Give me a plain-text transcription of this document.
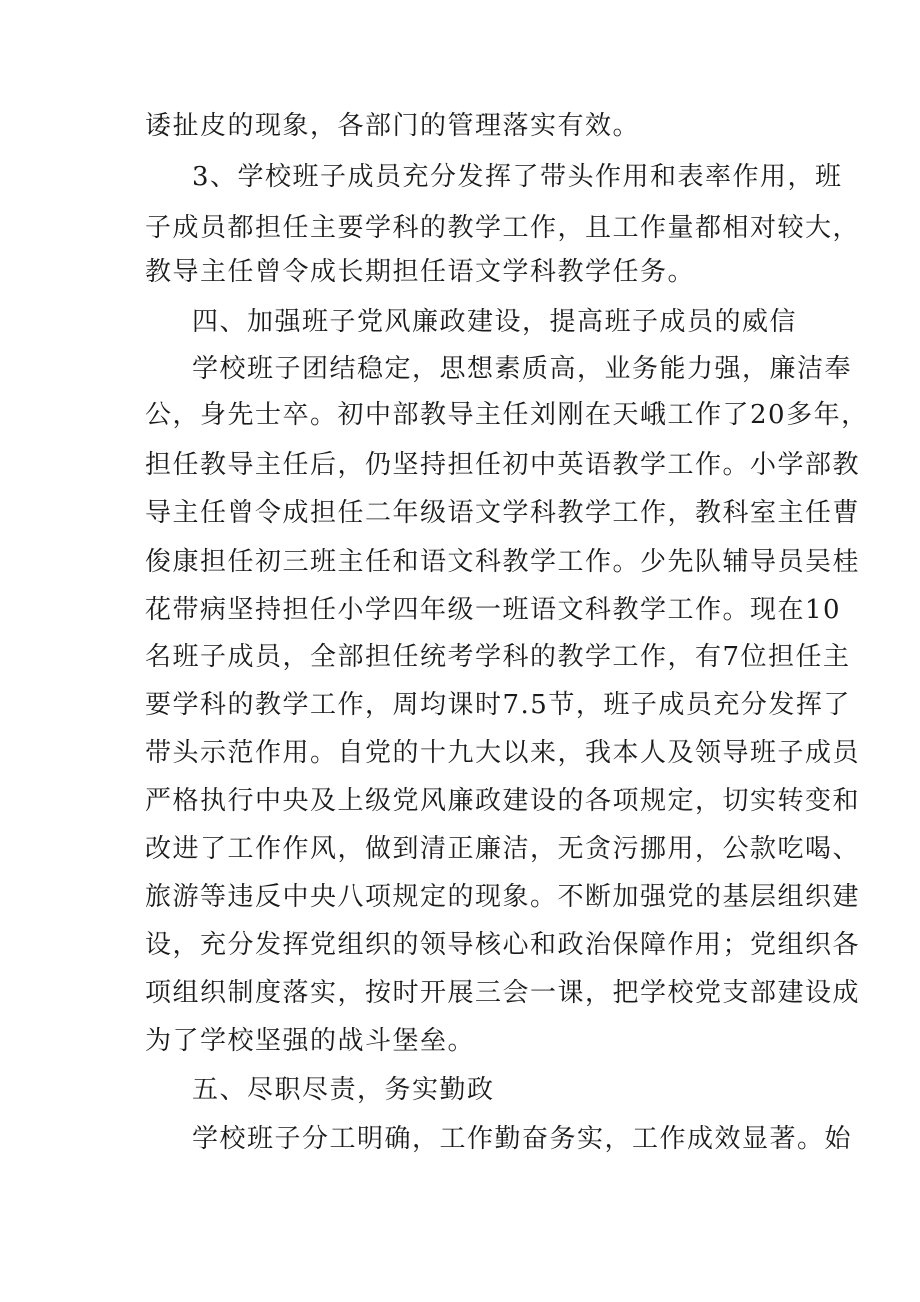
诿扯皮的现象，各部门的管理落实有效。
3、学校班子成员充分发挥了带头作用和表率作用，班
子成员都担任主要学科的教学工作，且工作量都相对较大，
教导主任曾令成长期担任语文学科教学任务。
四、加强班子党风廉政建设，提高班子成员的威信
学校班子团结稳定，思想素质高，业务能力强，廉洁奉
公，身先士卒。初中部教导主任刘刚在天峨工作了20多年，
担任教导主任后，仍坚持担任初中英语教学工作。小学部教
导主任曾令成担任二年级语文学科教学工作，教科室主任曹
俊康担任初三班主任和语文科教学工作。少先队辅导员吴桂
花带病坚持担任小学四年级一班语文科教学工作。现在10
名班子成员，全部担任统考学科的教学工作，有7位担任主
要学科的教学工作，周均课时7.5节，班子成员充分发挥了
带头示范作用。自党的十九大以来，我本人及领导班子成员
严格执行中央及上级党风廉政建设的各项规定，切实转变和
改进了工作作风，做到清正廉洁，无贪污挪用，公款吃喝、
旅游等违反中央八项规定的现象。不断加强党的基层组织建
设，充分发挥党组织的领导核心和政治保障作用；党组织各
项组织制度落实，按时开展三会一课，把学校党支部建设成
为了学校坚强的战斗堡垒。
五、尽职尽责，务实勤政
学校班子分工明确，工作勤奋务实，工作成效显著。始
